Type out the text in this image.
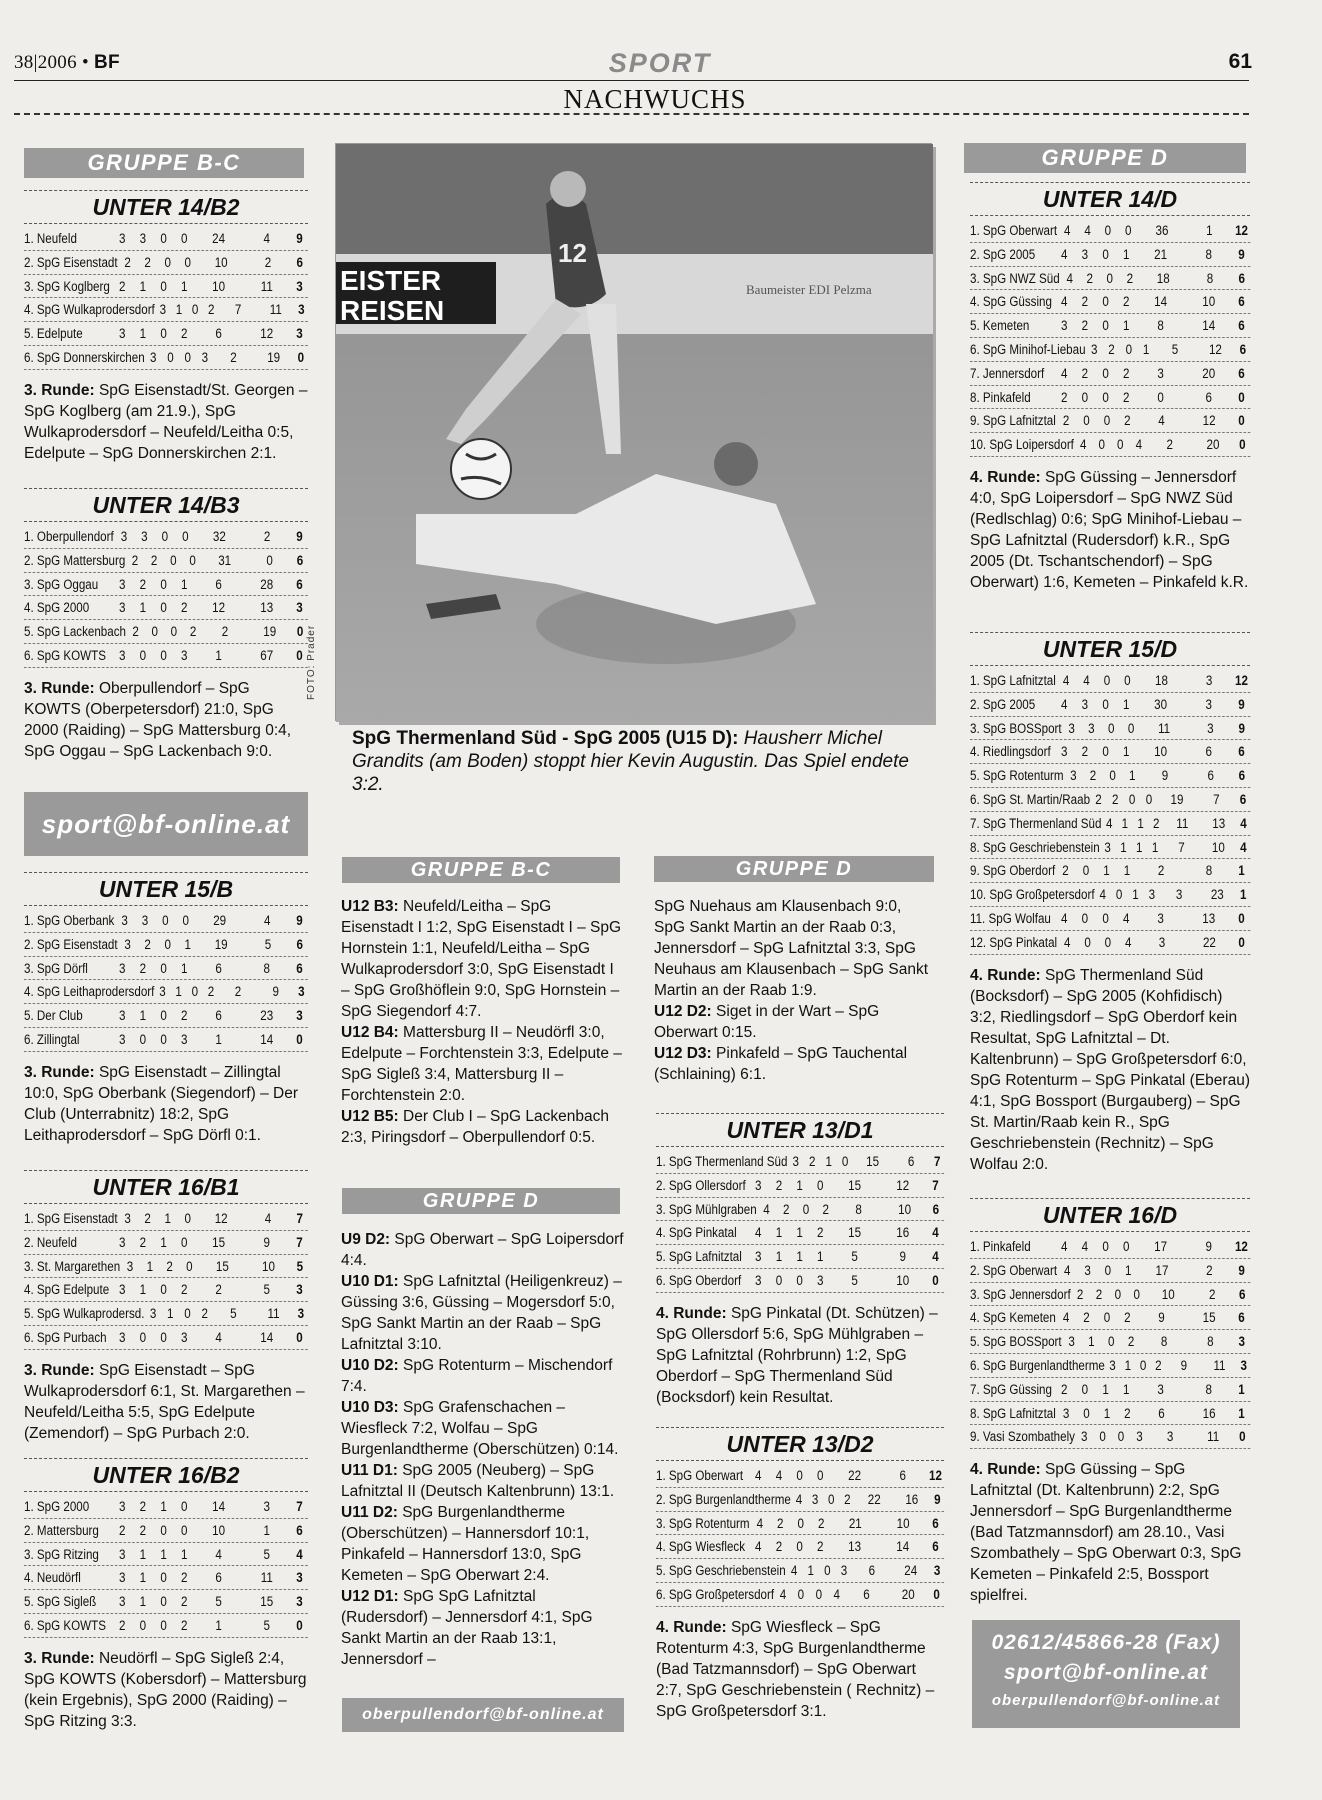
38|2006 • BF	SPORT	61
NACHWUCHS
GRUPPE B-C
UNTER 14/B2
1. Neufeld	3	3	0	0	24	4	9
2. SpG Eisenstadt 2	2	0	0	10	2	6
3. SpG Koglberg 2	1	0	1	10	11	3
4. SpG Wulkaprodersdorf 3 1 0 2	7	11	3
5. Edelpute	3	1	0	2	6	12	3
6. SpG Donnerskirchen 3 0 0 3	2	19	0
3. Runde: SpG Eisenstadt/St. Georgen – SpG Koglberg (am 21.9.), SpG Wulkaprodersdorf – Neufeld/Leitha 0:5, Edelpute – SpG Donnerskirchen 2:1.
UNTER 14/B3
1. Oberpullendorf 3	3	0	0	32	2	9
2. SpG Mattersburg 2 2 0 0	31	0	6
3. SpG Oggau	3	2	0	1	6	28	6
4. SpG 2000	3	1	0	2	12	13	3
5. SpG Lackenbach 2 0 0 2	2	19	0
6. SpG KOWTS 3	0	0	3	1	67	0
3. Runde: Oberpullendorf – SpG KOWTS (Oberpetersdorf) 21:0, SpG 2000 (Raiding) – SpG Mattersburg 0:4, SpG Oggau – SpG Lackenbach 9:0.
UNTER 15/B
1. SpG Oberbank 3	3	0	0	29	4	9
2. SpG Eisenstadt 3	2	0	1	19	5	6
3. SpG Dörfl	3	2	0	1	6	8	6
4. SpG Leithaprodersdorf 3 1 0 2	2	9	3
5. Der Club	3	1	0	2	6	23	3
6. Zillingtal	3	0	0	3	1	14	0
3. Runde: SpG Eisenstadt – Zillingtal 10:0, SpG Oberbank (Siegendorf) – Der Club (Unterrabnitz) 18:2, SpG Leithaprodersdorf – SpG Dörfl 0:1.
UNTER 16/B1
1. SpG Eisenstadt 3	2	1	0	12	4	7
2. Neufeld	3	2	1	0	15	9	7
3. St. Margarethen 3 1 2 0	15	10	5
4. SpG Edelpute 3	1	0	2	2	5	3
5. SpG Wulkaprodersd. 3 1 0 2	5	11	3
6. SpG Purbach 3	0	0	3	4	14	0
3. Runde: SpG Eisenstadt – SpG Wulkaprodersdorf 6:1, St. Margarethen – Neufeld/Leitha 5:5, SpG Edelpute (Zemendorf) – SpG Purbach 2:0.
UNTER 16/B2
1. SpG 2000	3	2	1	0	14	3	7
2. Mattersburg	2	2	0	0	10	1	6
3. SpG Ritzing	3	1	1	1	4	5	4
4. Neudörfl	3	1	0	2	6	11	3
5. SpG Sigleß	3	1	0	2	5	15	3
6. SpG KOWTS 2	0	0	2	1	5	0
3. Runde: Neudörfl – SpG Sigleß 2:4, SpG KOWTS (Kobersdorf) – Mattersburg (kein Ergebnis), SpG 2000 (Raiding) – SpG Ritzing 3:3.
sport@bf-online.at
EISTER
REISEN
Baumeister EDI Pelzma
12
FOTO: Prader
SpG Thermenland Süd - SpG 2005 (U15 D): Hausherr Michel Grandits (am Boden) stoppt hier Kevin Augustin. Das Spiel endete 3:2.
GRUPPE B-C

U12 B3: Neufeld/Leitha – SpG Eisenstadt I 1:2, SpG Eisenstadt I – SpG Hornstein 1:1, Neufeld/Leitha – SpG Wulkaprodersdorf 3:0, SpG Eisenstadt I – SpG Großhöflein 9:0, SpG Hornstein – SpG Siegendorf 4:7.

U12 B4: Mattersburg II – Neudörfl 3:0, Edelpute – Forchtenstein 3:3, Edelpute – SpG Sigleß 3:4, Mattersburg II – Forchtenstein 2:0.

U12 B5: Der Club I – SpG Lackenbach 2:3, Piringsdorf – Oberpullendorf 0:5.

GRUPPE D

U9 D2: SpG Oberwart – SpG Loipersdorf 4:4.

U10 D1: SpG Lafnitztal (Heiligenkreuz) – Güssing 3:6, Güssing – Mogersdorf 5:0, SpG Sankt Martin an der Raab – SpG Lafnitztal 3:10.

U10 D2: SpG Rotenturm – Mischendorf 7:4.

U10 D3: SpG Grafenschachen – Wiesfleck 7:2, Wolfau – SpG Burgenlandtherme (Oberschützen) 0:14.

U11 D1: SpG 2005 (Neuberg) – SpG Lafnitztal II (Deutsch Kaltenbrunn) 13:1.

U11 D2: SpG Burgenlandtherme (Oberschützen) – Hannersdorf 10:1, Pinkafeld – Hannersdorf 13:0, SpG Kemeten – SpG Oberwart 2:4.

U12 D1: SpG SpG Lafnitztal (Rudersdorf) – Jennersdorf 4:1, SpG Sankt Martin an der Raab 13:1, Jennersdorf –

oberpullendorf@bf-online.at
GRUPPE D

SpG Nuehaus am Klausenbach 9:0, SpG Sankt Martin an der Raab 0:3, Jennersdorf – SpG Lafnitztal 3:3, SpG Neuhaus am Klausenbach – SpG Sankt Martin an der Raab 1:9.

U12 D2: Siget in der Wart – SpG Oberwart 0:15.

U12 D3: Pinkafeld – SpG Tauchental (Schlaining) 6:1.

UNTER 13/D1
1. SpG Thermenland Süd 3 2 1 0	15	6	7
2. SpG Ollersdorf 3	2	1	0	15	12	7
3. SpG Mühlgraben 4 2 0 2	8	10	6
4. SpG Pinkatal	4	1	1	2	15	16	4
5. SpG Lafnitztal 3	1	1	1	5	9	4
6. SpG Oberdorf	3	0	0	3	5	10	0
4. Runde: SpG Pinkatal (Dt. Schützen) – SpG Ollersdorf 5:6, SpG Mühlgraben – SpG Lafnitztal (Rohrbrunn) 1:2, SpG Oberdorf – SpG Thermenland Süd (Bocksdorf) kein Resultat.
UNTER 13/D2
1. SpG Oberwart 4	4	0	0	22	6	12
2. SpG Burgenlandtherme 4 3 0 2	22	16	9
3. SpG Rotenturm 4	2	0	2	21	10	6
4. SpG Wiesfleck 4	2	0	2	13	14	6
5. SpG Geschriebenstein 4 1 0 3	6	24	3
6. SpG Großpetersdorf 4 0 0 4	6	20	0
4. Runde: SpG Wiesfleck – SpG Rotenturm 4:3, SpG Burgenlandtherme (Bad Tatzmannsdorf) – SpG Oberwart 2:7, SpG Geschriebenstein ( Rechnitz) – SpG Großpetersdorf 3:1.
GRUPPE D
UNTER 14/D
1. SpG Oberwart 4	4	0	0	36	1	12
2. SpG 2005	4	3	0	1	21	8	9
3. SpG NWZ Süd 4	2	0	2	18	8	6
4. SpG Güssing 4	2	0	2	14	10	6
5. Kemeten	3	2	0	1	8	14	6
6. SpG Minihof-Liebau 3 2 0 1	5	12	6
7. Jennersdorf	4	2	0	2	3	20	6
8. Pinkafeld	2	0	0	2	0	6	0
9. SpG Lafnitztal 2	0	0	2	4	12	0
10. SpG Loipersdorf 4 0 0 4	2	20	0
4. Runde: SpG Güssing – Jennersdorf 4:0, SpG Loipersdorf – SpG NWZ Süd (Redlschlag) 0:6; SpG Minihof-Liebau – SpG Lafnitztal (Rudersdorf) k.R., SpG 2005 (Dt. Tschantschendorf) – SpG Oberwart) 1:6, Kemeten – Pinkafeld k.R.
UNTER 15/D
1. SpG Lafnitztal 4	4	0	0	18	3	12
2. SpG 2005	4	3	0	1	30	3	9
3. SpG BOSSport 3 3 0 0	11	3	9
4. Riedlingsdorf 3	2	0	1	10	6	6
5. SpG Rotenturm 3 2 0 1	9	6	6
6. SpG St. Martin/Raab 2 2 0 0	19	7	6
7. SpG Thermenland Süd 4 1 1 2	11	13	4
8. SpG Geschriebenstein 3 1 1 1	7	10	4
9. SpG Oberdorf 2	0	1	1	2	8	1
10. SpG Großpetersdorf 4 0 1 3	3	23	1
11. SpG Wolfau 4	0	0	4	3	13	0
12. SpG Pinkatal 4	0	0	4	3	22	0
4. Runde: SpG Thermenland Süd (Bocksdorf) – SpG 2005 (Kohfidisch) 3:2, Riedlingsdorf – SpG Oberdorf kein Resultat, SpG Lafnitztal – Dt. Kaltenbrunn) – SpG Großpetersdorf 6:0, SpG Rotenturm – SpG Pinkatal (Eberau) 4:1, SpG Bossport (Burgauberg) – SpG St. Martin/Raab kein R., SpG Geschriebenstein (Rechnitz) – SpG Wolfau 2:0.
UNTER 16/D
1. Pinkafeld	4	4	0	0	17	9	12
2. SpG Oberwart 4	3	0	1	17	2	9
3. SpG Jennersdorf 2 2 0 0	10	2	6
4. SpG Kemeten 4	2	0	2	9	15	6
5. SpG BOSSport 3 1 0 2	8	8	3
6. SpG Burgenlandtherme 3 1 0 2	9	11	3
7. SpG Güssing 2	0	1	1	3	8	1
8. SpG Lafnitztal 3	0	1	2	6	16	1
9. Vasi Szombathely 3 0 0 3	3	11	0
4. Runde: SpG Güssing – SpG Lafnitztal (Dt. Kaltenbrunn) 2:2, SpG Jennersdorf – SpG Burgenlandtherme (Bad Tatzmannsdorf) am 28.10., Vasi Szombathely – SpG Oberwart 0:3, SpG Kemeten – Pinkafeld 2:5, Bossport spielfrei.
02612/45866-28 (Fax)
sport@bf-online.at
oberpullendorf@bf-online.at
